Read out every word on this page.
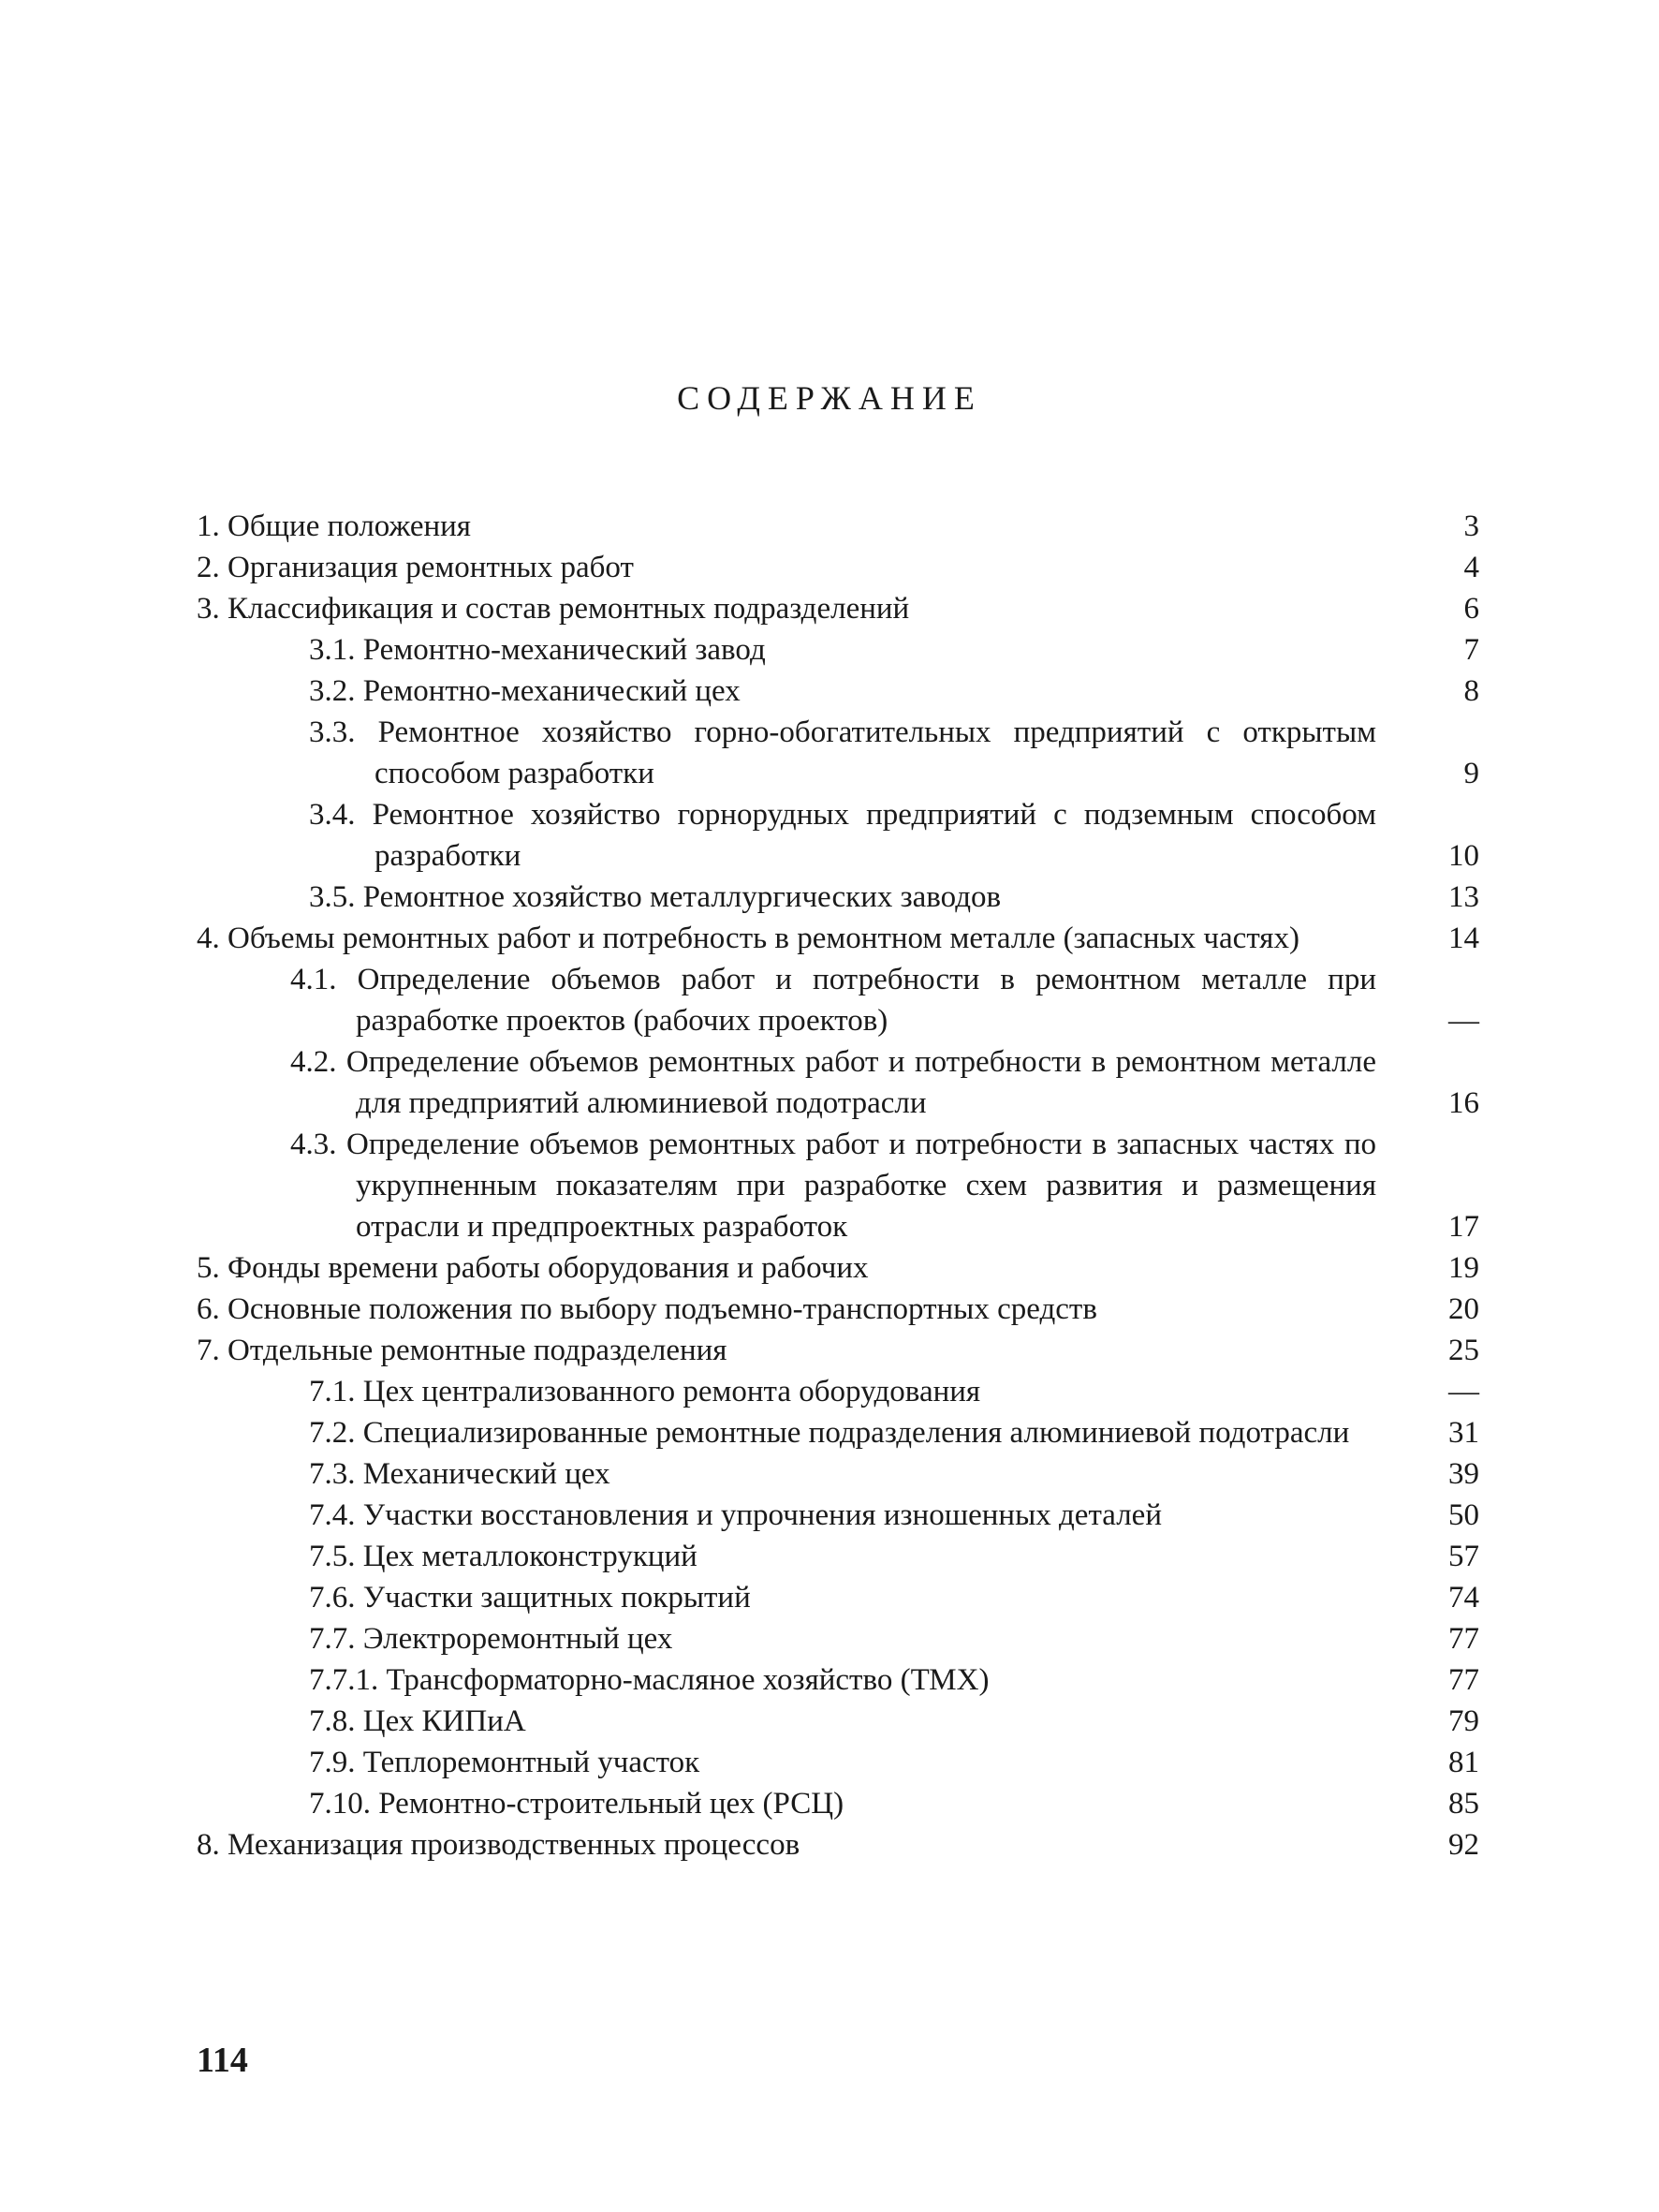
СОДЕРЖАНИЕ
1. Общие положения	3
2. Организация ремонтных работ	4
3. Классификация и состав ремонтных подразделений	6
3.1. Ремонтно-механический завод	7
3.2. Ремонтно-механический цех	8
3.3. Ремонтное хозяйство горно-обогатительных предприятий с открытым способом разработки	9
3.4. Ремонтное хозяйство горнорудных предприятий с подземным способом разработки	10
3.5. Ремонтное хозяйство металлургических заводов	13
4. Объемы ремонтных работ и потребность в ремонтном металле (запасных частях)	14
4.1. Определение объемов работ и потребности в ремонтном металле при разработке проектов (рабочих проектов)	—
4.2. Определение объемов ремонтных работ и потребности в ремонтном металле для предприятий алюминиевой подотрасли	16
4.3. Определение объемов ремонтных работ и потребности в запасных частях по укрупненным показателям при разработке схем развития и размещения отрасли и предпроектных разработок	17
5. Фонды времени работы оборудования и рабочих	19
6. Основные положения по выбору подъемно-транспортных средств	20
7. Отдельные ремонтные подразделения	25
7.1. Цех централизованного ремонта оборудования	—
7.2. Специализированные ремонтные подразделения алюминиевой подотрасли	31
7.3. Механический цех	39
7.4. Участки восстановления и упрочнения изношенных деталей	50
7.5. Цех металлоконструкций	57
7.6. Участки защитных покрытий	74
7.7. Электроремонтный цех	77
7.7.1. Трансформаторно-масляное хозяйство (ТМХ)	77
7.8. Цех КИПиА	79
7.9. Теплоремонтный участок	81
7.10. Ремонтно-строительный цех (РСЦ)	85
8. Механизация производственных процессов	92
114
